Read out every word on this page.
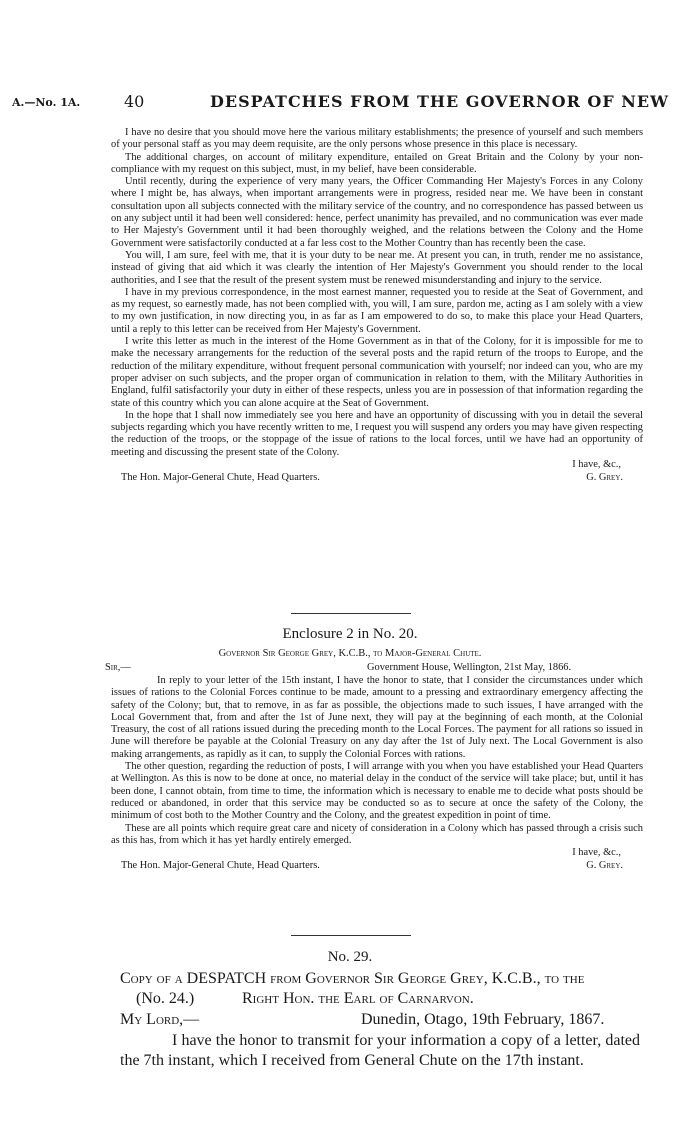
A.—No. 1A.	40	DESPATCHES FROM THE GOVERNOR OF NEW

I have no desire that you should move here the various military establishments; the presence of yourself and such members of your personal staff as you may deem requisite, are the only persons whose presence in this place is necessary.

The additional charges, on account of military expenditure, entailed on Great Britain and the Colony by your non-compliance with my request on this subject, must, in my belief, have been considerable.

Until recently, during the experience of very many years, the Officer Commanding Her Majesty's Forces in any Colony where I might be, has always, when important arrangements were in progress, resided near me. We have been in constant consultation upon all subjects connected with the military service of the country, and no correspondence has passed between us on any subject until it had been well considered: hence, perfect unanimity has prevailed, and no communication was ever made to Her Majesty's Government until it had been thoroughly weighed, and the relations between the Colony and the Home Government were satisfactorily conducted at a far less cost to the Mother Country than has recently been the case.

You will, I am sure, feel with me, that it is your duty to be near me. At present you can, in truth, render me no assistance, instead of giving that aid which it was clearly the intention of Her Majesty's Government you should render to the local authorities, and I see that the result of the present system must be renewed misunderstanding and injury to the service.

I have in my previous correspondence, in the most earnest manner, requested you to reside at the Seat of Government, and as my request, so earnestly made, has not been complied with, you will, I am sure, pardon me, acting as I am solely with a view to my own justification, in now directing you, in as far as I am empowered to do so, to make this place your Head Quarters, until a reply to this letter can be received from Her Majesty's Government.

I write this letter as much in the interest of the Home Government as in that of the Colony, for it is impossible for me to make the necessary arrangements for the reduction of the several posts and the rapid return of the troops to Europe, and the reduction of the military expenditure, without frequent personal communication with yourself; nor indeed can you, who are my proper adviser on such subjects, and the proper organ of communication in relation to them, with the Military Authorities in England, fulfil satisfactorily your duty in either of these respects, unless you are in possession of that information regarding the state of this country which you can alone acquire at the Seat of Government.

In the hope that I shall now immediately see you here and have an opportunity of discussing with you in detail the several subjects regarding which you have recently written to me, I request you will suspend any orders you may have given respecting the reduction of the troops, or the stoppage of the issue of rations to the local forces, until we have had an opportunity of meeting and discussing the present state of the Colony.

I have, &c.,
The Hon. Major-General Chute, Head Quarters.	G. Grey.
Enclosure 2 in No. 20.
Governor Sir George Grey, K.C.B., to Major-General Chute.
Sir,—	Government House, Wellington, 21st May, 1866.

In reply to your letter of the 15th instant, I have the honor to state, that I consider the circumstances under which issues of rations to the Colonial Forces continue to be made, amount to a pressing and extraordinary emergency affecting the safety of the Colony; but, that to remove, in as far as possible, the objections made to such issues, I have arranged with the Local Government that, from and after the 1st of June next, they will pay at the beginning of each month, at the Colonial Treasury, the cost of all rations issued during the preceding month to the Local Forces. The payment for all rations so issued in June will therefore be payable at the Colonial Treasury on any day after the 1st of July next. The Local Government is also making arrangements, as rapidly as it can, to supply the Colonial Forces with rations.

The other question, regarding the reduction of posts, I will arrange with you when you have established your Head Quarters at Wellington. As this is now to be done at once, no material delay in the conduct of the service will take place; but, until it has been done, I cannot obtain, from time to time, the information which is necessary to enable me to decide what posts should be reduced or abandoned, in order that this service may be conducted so as to secure at once the safety of the Colony, the minimum of cost both to the Mother Country and the Colony, and the greatest expedition in point of time.

These are all points which require great care and nicety of consideration in a Colony which has passed through a crisis such as this has, from which it has yet hardly entirely emerged.

I have, &c.,
The Hon. Major-General Chute, Head Quarters.	G. Grey.
No. 29.
Copy of a DESPATCH from Governor Sir George Grey, K.C.B., to the
(No. 24.)	Right Hon. the Earl of Carnarvon.
My Lord,—	Dunedin, Otago, 19th February, 1867.
I have the honor to transmit for your information a copy of a letter, dated the 7th instant, which I received from General Chute on the 17th instant.
